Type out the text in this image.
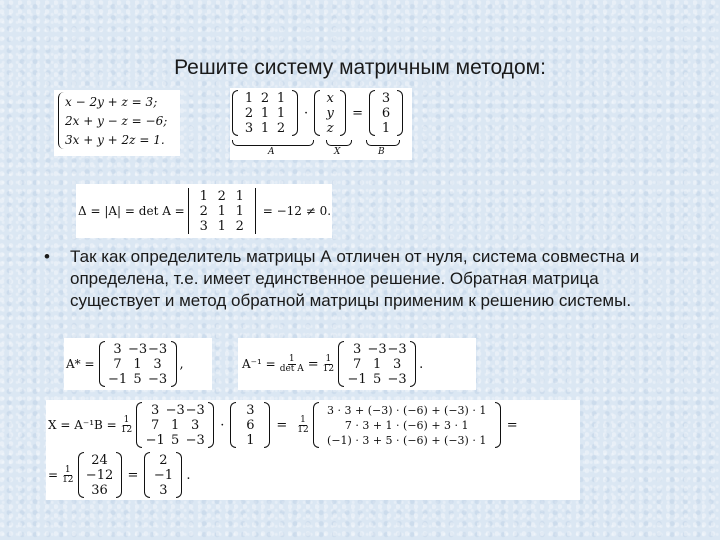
Решите систему матричным методом:
x − 2y + z = 3;
2x + y − z = −6;
3x + y + 2z = 1.
1 2 1
2 1 1
3 1 2
·
x
y
z
=
3
6
1
A	X	B
Δ = |A| = det A =
1 2 1
2 1 1
3 1 2
= −12 ≠ 0.
• Так как определитель матрицы А отличен от нуля, система совместна и определена, т.е. имеет единственное решение. Обратная матрица существует и метод обратной матрицы применим к решению системы.
A* =
3 −3 −3
7 1 3
−1 5 −3
,	$A^{-1} = \frac{1}{\text{det A}} = \frac{1}{12}$
3 −3 −3
7 1 3
−1 5 −3
.
$X = A^{-1}B = \frac{1}{12}$
3 −3 −3
7 1 3
−1 5 −3
·
3
6
1
= $\frac{1}{12}$
3 · 3 + (−3) · (−6) + (−3) · 1
7 · 3 + 1 · (−6) + 3 · 1
(−1) · 3 + 5 · (−6) + (−3) · 1
=
= $\frac{1}{12}$
24
−12
36
=
2
−1
3
.
